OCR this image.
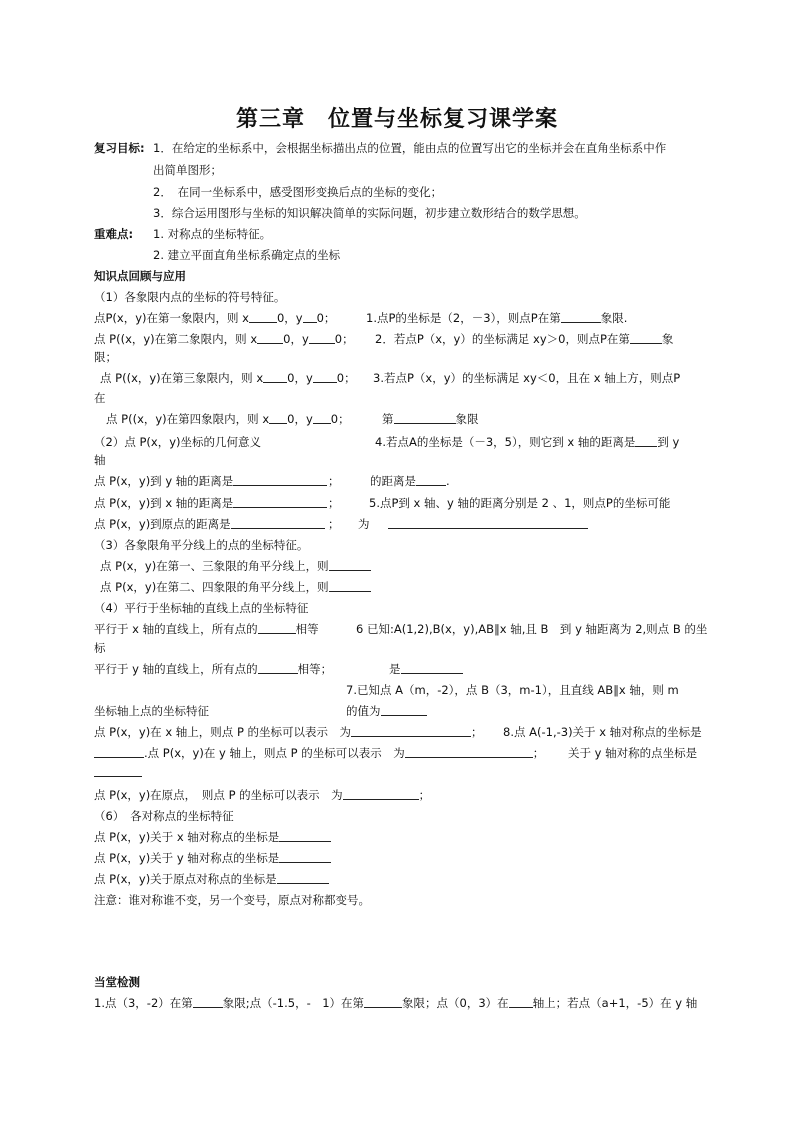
第三章　位置与坐标复习课学案
复习目标: 1．在给定的坐标系中，会根据坐标描出点的位置，能由点的位置写出它的坐标并会在直角坐标系中作
出简单图形；
2．　在同一坐标系中，感受图形变换后点的坐标的变化；
3．综合运用图形与坐标的知识解决简单的实际问题，初步建立数形结合的数学思想。
重难点: 1. 对称点的坐标特征。
2. 建立平面直角坐标系确定点的坐标
知识点回顾与应用
（1）各象限内点的坐标的符号特征。
点P(x，y)在第一象限内，则 x 0，y 0；	1.点P的坐标是（2，－3），则点P在第	象限.
点 P((x，y)在第二象限内，则 x 0，y 0； 2．若点P（x，y）的坐标满足 xy＞0，则点P在第	象
限；
点 P((x，y)在第三象限内，则 x 0，y 0； 3.若点P（x，y）的坐标满足 xy＜0，且在 x 轴上方，则点P
在
点 P((x，y)在第四象限内，则 x 0，y 0；	第	象限
（2）点 P(x，y)坐标的几何意义	4.若点A的坐标是（－3，5），则它到 x 轴的距离是 到 y
轴
点 P(x，y)到 y 轴的距离是	；	的距离是	.
点 P(x，y)到 x 轴的距离是	；	5.点P到 x 轴、y 轴的距离分别是 2 、1，则点P的坐标可能
点 P(x，y)到原点的距离是	； 为
（3）各象限角平分线上的点的坐标特征。
点 P(x，y)在第一、三象限的角平分线上，则
点 P(x，y)在第二、四象限的角平分线上，则
（4）平行于坐标轴的直线上点的坐标特征
平行于 x 轴的直线上，所有点的	相等	6 已知:A(1,2),B(x，y),AB∥x 轴,且 B　到 y 轴距离为 2,则点 B 的坐
标
平行于 y 轴的直线上，所有点的	相等；	是
7.已知点 A（m，-2），点 B（3，m-1），且直线 AB∥x 轴，则 m
坐标轴上点的坐标特征	的值为
点 P(x，y)在 x 轴上，则点 P 的坐标可以表示　为	； 8.点 A(-1,-3)关于 x 轴对称点的坐标是
.点 P(x，y)在 y 轴上，则点 P 的坐标可以表示　为	； 关于 y 轴对称的点坐标是
点 P(x，y)在原点，　则点 P 的坐标可以表示　为	；
（6）　各对称点的坐标特征
点 P(x，y)关于 x 轴对称点的坐标是
点 P(x，y)关于 y 轴对称点的坐标是
点 P(x，y)关于原点对称点的坐标是
注意：谁对称谁不变，另一个变号，原点对称都变号。
当堂检测
1.点（3，-2）在第	象限;点（-1.5，-　1）在第	象限；点（0，3）在 轴上；若点（a+1，-5）在 y 轴
